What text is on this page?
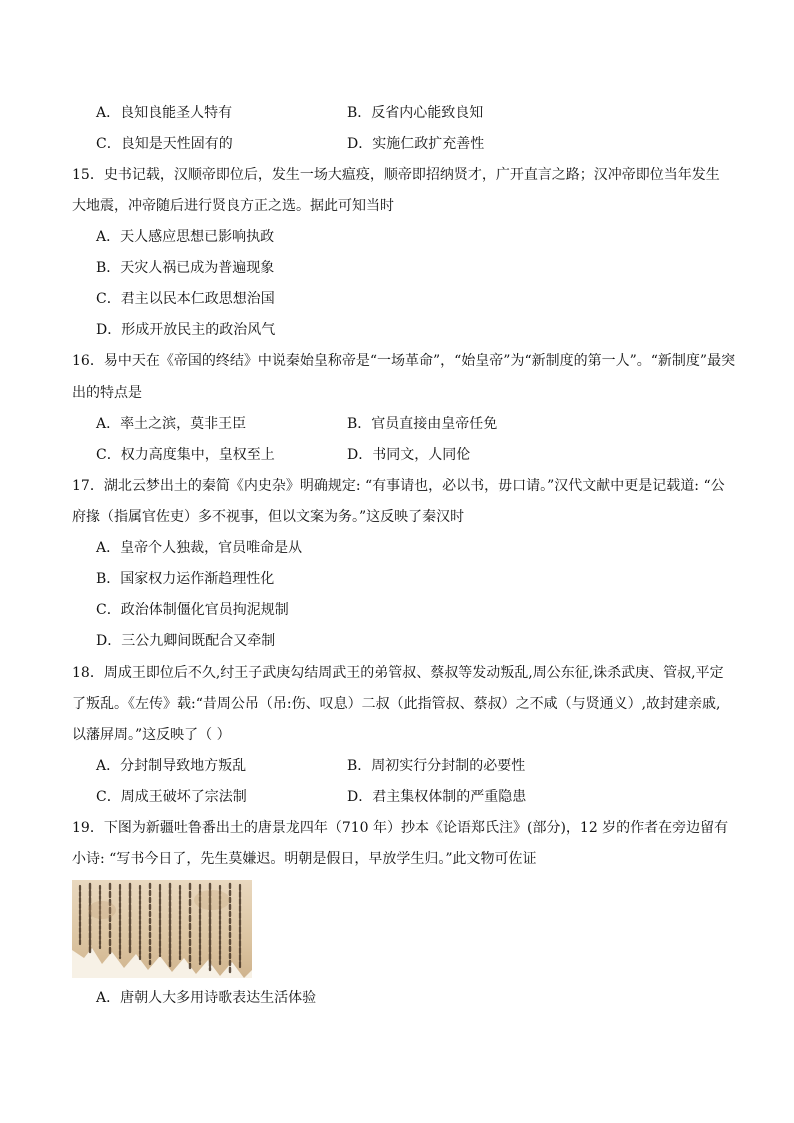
A．良知良能圣人特有	B．反省内心能致良知
C．良知是天性固有的	D．实施仁政扩充善性
15．史书记载，汉顺帝即位后，发生一场大瘟疫，顺帝即招纳贤才，广开直言之路；汉冲帝即位当年发生
大地震，冲帝随后进行贤良方正之选。据此可知当时
A．天人感应思想已影响执政
B．天灾人祸已成为普遍现象
C．君主以民本仁政思想治国
D．形成开放民主的政治风气
16．易中天在《帝国的终结》中说秦始皇称帝是“一场革命”，“始皇帝”为“新制度的第一人”。“新制度”最突
出的特点是
A．率土之滨，莫非王臣	B．官员直接由皇帝任免
C．权力高度集中，皇权至上	D．书同文，人同伦
17．湖北云梦出土的秦简《内史杂》明确规定: “有事请也，必以书，毋口请。”汉代文献中更是记载道: “公
府掾（指属官佐吏）多不视事，但以文案为务。”这反映了秦汉时
A．皇帝个人独裁，官员唯命是从
B．国家权力运作渐趋理性化
C．政治体制僵化官员拘泥规制
D．三公九卿间既配合又牵制
18．周成王即位后不久,纣王子武庚勾结周武王的弟管叔、蔡叔等发动叛乱,周公东征,诛杀武庚、管叔,平定
了叛乱。《左传》载:“昔周公吊（吊:伤、叹息）二叔（此指管叔、蔡叔）之不咸（与贤通义）,故封建亲戚,
以藩屏周。”这反映了（ ）
A．分封制导致地方叛乱	B．周初实行分封制的必要性
C．周成王破坏了宗法制	D．君主集权体制的严重隐患
19．下图为新疆吐鲁番出土的唐景龙四年（710 年）抄本《论语郑氏注》(部分)，12 岁的作者在旁边留有
小诗: “写书今日了，先生莫嫌迟。明朝是假日，早放学生归。”此文物可佐证
A．唐朝人大多用诗歌表达生活体验
